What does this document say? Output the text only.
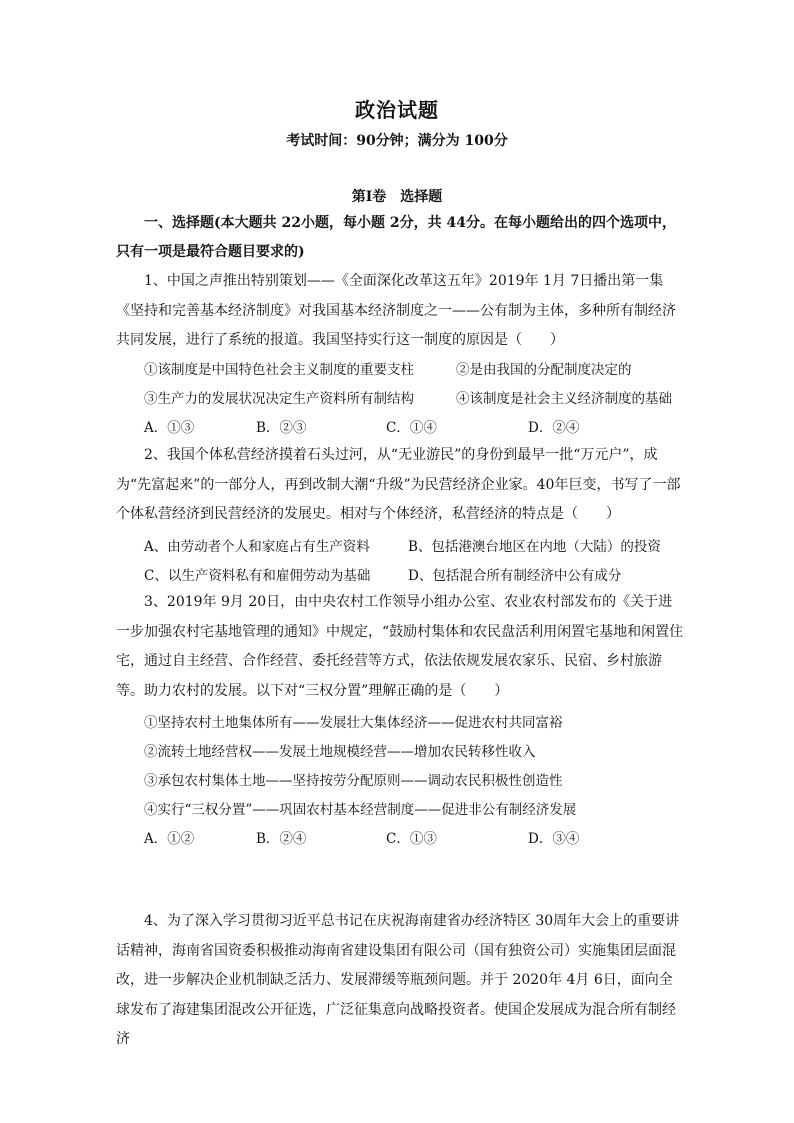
政治试题
考试时间：90分钟；满分为 100分
第Ⅰ卷　选择题
一、选择题(本大题共 22小题，每小题 2分，共 44分。在每小题给出的四个选项中，只有一项是最符合题目要求的)
1、中国之声推出特别策划——《全面深化改革这五年》2019年 1月 7日播出第一集《坚持和完善基本经济制度》对我国基本经济制度之一——公有制为主体，多种所有制经济共同发展，进行了系统的报道。我国坚持实行这一制度的原因是（　　）
①该制度是中国特色社会主义制度的重要支柱	②是由我国的分配制度决定的
③生产力的发展状况决定生产资料所有制结构	④该制度是社会主义经济制度的基础
A．①③	B．②③	C．①④	D．②④
2、我国个体私营经济摸着石头过河，从“无业游民”的身份到最早一批“万元户”，成为“先富起来”的一部分人，再到改制大潮“升级”为民营经济企业家。40年巨变，书写了一部个体私营经济到民营经济的发展史。相对与个体经济，私营经济的特点是（　　）
A、由劳动者个人和家庭占有生产资料	B、包括港澳台地区在内地（大陆）的投资
C、以生产资料私有和雇佣劳动为基础	D、包括混合所有制经济中公有成分
3、2019年 9月 20日，由中央农村工作领导小组办公室、农业农村部发布的《关于进一步加强农村宅基地管理的通知》中规定，“鼓励村集体和农民盘活利用闲置宅基地和闲置住宅，通过自主经营、合作经营、委托经营等方式，依法依规发展农家乐、民宿、乡村旅游等。助力农村的发展。以下对“三权分置”理解正确的是（　　）
①坚持农村土地集体所有——发展壮大集体经济——促进农村共同富裕
②流转土地经营权——发展土地规模经营——增加农民转移性收入
③承包农村集体土地——坚持按劳分配原则——调动农民积极性创造性
④实行“三权分置”——巩固农村基本经营制度——促进非公有制经济发展
A．①②	B．②④	C．①③	D．③④
4、为了深入学习贯彻习近平总书记在庆祝海南建省办经济特区 30周年大会上的重要讲话精神，海南省国资委积极推动海南省建设集团有限公司（国有独资公司）实施集团层面混改，进一步解决企业机制缺乏活力、发展滞缓等瓶颈问题。并于 2020年 4月 6日，面向全球发布了海建集团混改公开征选，广泛征集意向战略投资者。使国企发展成为混合所有制经济
